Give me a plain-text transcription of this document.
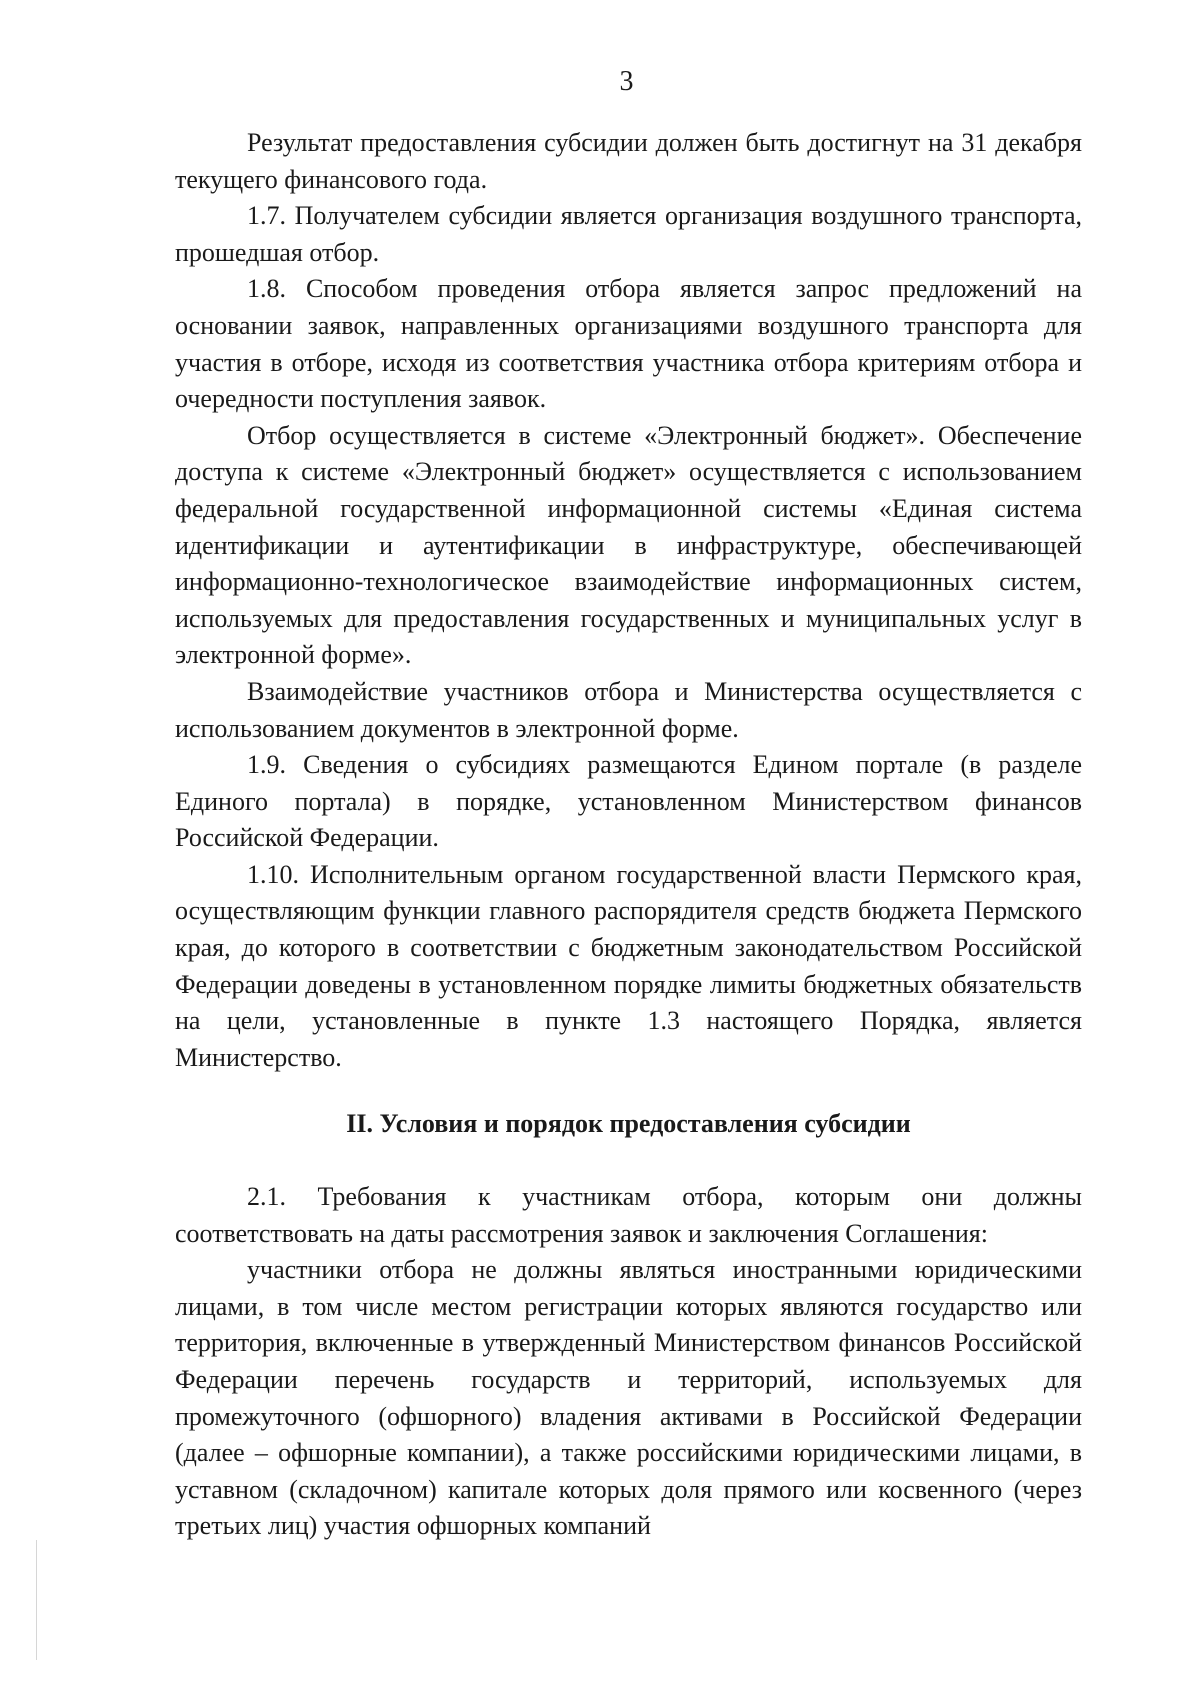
3

Результат предоставления субсидии должен быть достигнут на 31 декабря текущего финансового года.

1.7. Получателем субсидии является организация воздушного транспорта, прошедшая отбор.

1.8. Способом проведения отбора является запрос предложений на основании заявок, направленных организациями воздушного транспорта для участия в отборе, исходя из соответствия участника отбора критериям отбора и очередности поступления заявок.

Отбор осуществляется в системе «Электронный бюджет». Обеспечение доступа к системе «Электронный бюджет» осуществляется с использованием федеральной государственной информационной системы «Единая система идентификации и аутентификации в инфраструктуре, обеспечивающей информационно-технологическое взаимодействие информационных систем, используемых для предоставления государственных и муниципальных услуг в электронной форме».

Взаимодействие участников отбора и Министерства осуществляется с использованием документов в электронной форме.

1.9. Сведения о субсидиях размещаются Едином портале (в разделе Единого портала) в порядке, установленном Министерством финансов Российской Федерации.

1.10. Исполнительным органом государственной власти Пермского края, осуществляющим функции главного распорядителя средств бюджета Пермского края, до которого в соответствии с бюджетным законодательством Российской Федерации доведены в установленном порядке лимиты бюджетных обязательств на цели, установленные в пункте 1.3 настоящего Порядка, является Министерство.

II. Условия и порядок предоставления субсидии

2.1. Требования к участникам отбора, которым они должны соответствовать на даты рассмотрения заявок и заключения Соглашения:

участники отбора не должны являться иностранными юридическими лицами, в том числе местом регистрации которых являются государство или территория, включенные в утвержденный Министерством финансов Российской Федерации перечень государств и территорий, используемых для промежуточного (офшорного) владения активами в Российской Федерации (далее – офшорные компании), а также российскими юридическими лицами, в уставном (складочном) капитале которых доля прямого или косвенного (через третьих лиц) участия офшорных компаний
